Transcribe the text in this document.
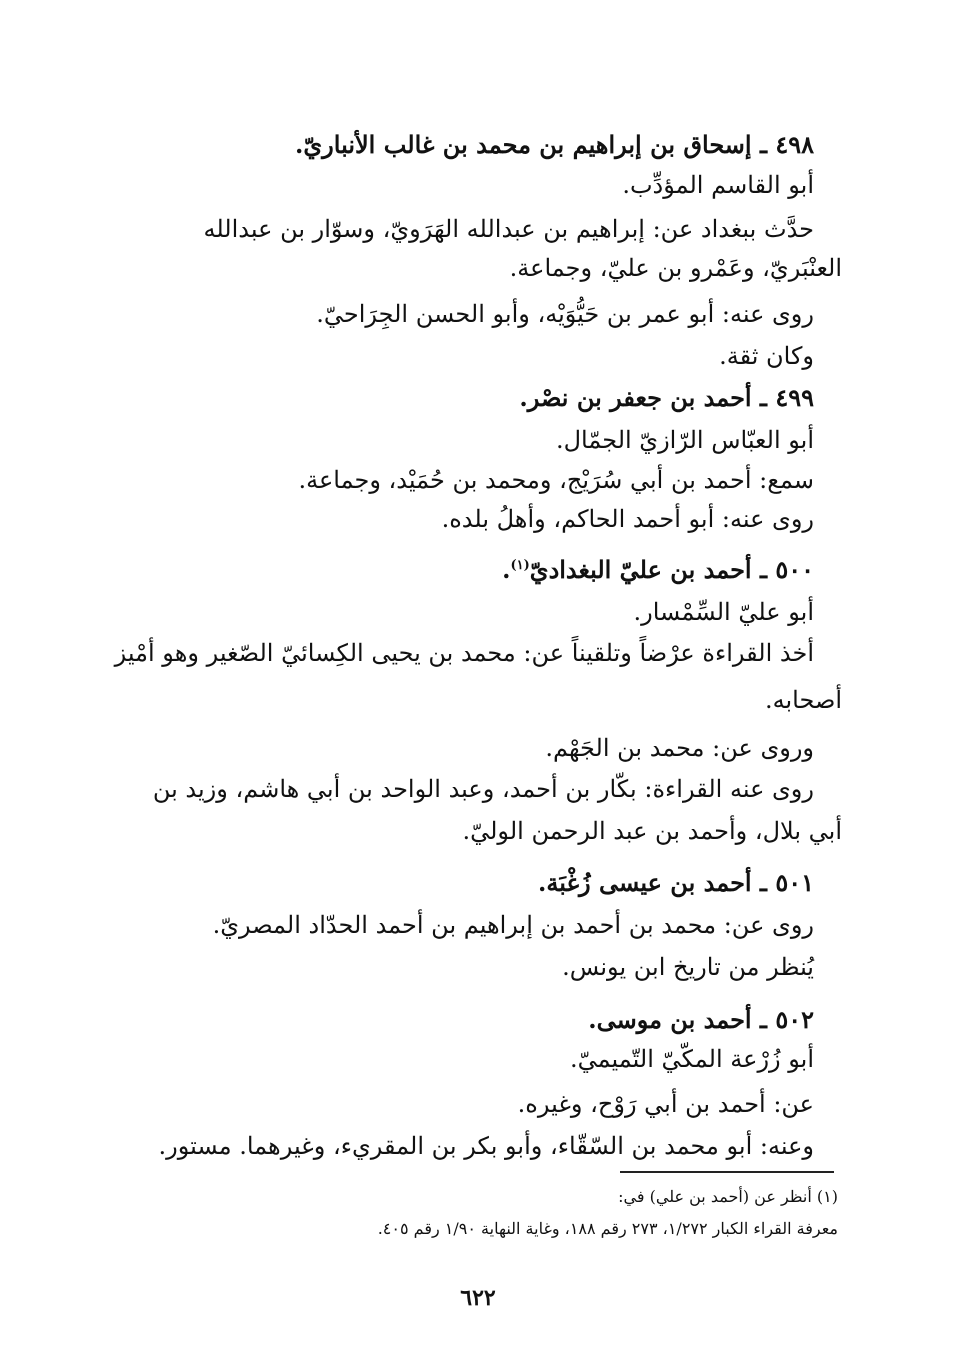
٤٩٨ ـ إسحاق بن إبراهيم بن محمد بن غالب الأنباريّ.
أبو القاسم المؤدِّب.
حدَّث ببغداد عن: إبراهيم بن عبدالله الهَرَويّ، وسوّار بن عبدالله
العنْبَريّ، وعَمْرو بن عليّ، وجماعة.
روى عنه: أبو عمر بن حَيُّوَيْه، وأبو الحسن الجِرَاحيّ.
وكان ثقة.
٤٩٩ ـ أحمد بن جعفر بن نصْر.
أبو العبّاس الرّازيّ الجمّال.
سمع: أحمد بن أبي سُرَيْج، ومحمد بن حُمَيْد، وجماعة.
روى عنه: أبو أحمد الحاكم، وأهلُ بلده.
٥٠٠ ـ أحمد بن عليّ البغداديّ$^{(١)}$.
أبو عليّ السِّمْسار.
أخذ القراءة عرْضاً وتلقيناً عن: محمد بن يحيى الكِسائيّ الصّغير وهو أمْيز
أصحابه.
وروى عن: محمد بن الجَهْم.
روى عنه القراءة: بكّار بن أحمد، وعبد الواحد بن أبي هاشم، وزيد بن
أبي بلال، وأحمد بن عبد الرحمن الوليّ.
٥٠١ ـ أحمد بن عيسى زُغْبَة.
روى عن: محمد بن أحمد بن إبراهيم بن أحمد الحدّاد المصريّ.
يُنظر من تاريخ ابن يونس.
٥٠٢ ـ أحمد بن موسى.
أبو زُرْعة المكّيّ التّميميّ.
عن: أحمد بن أبي رَوْح، وغيره.
وعنه: أبو محمد بن السّقّاء، وأبو بكر بن المقريء، وغيرهما. مستور.
(١) أنظر عن (أحمد بن علي) في:
معرفة القراء الكبار ١/٢٧٢، ٢٧٣ رقم ١٨٨، وغاية النهاية ١/٩٠ رقم ٤٠٥.
٦٢٢
